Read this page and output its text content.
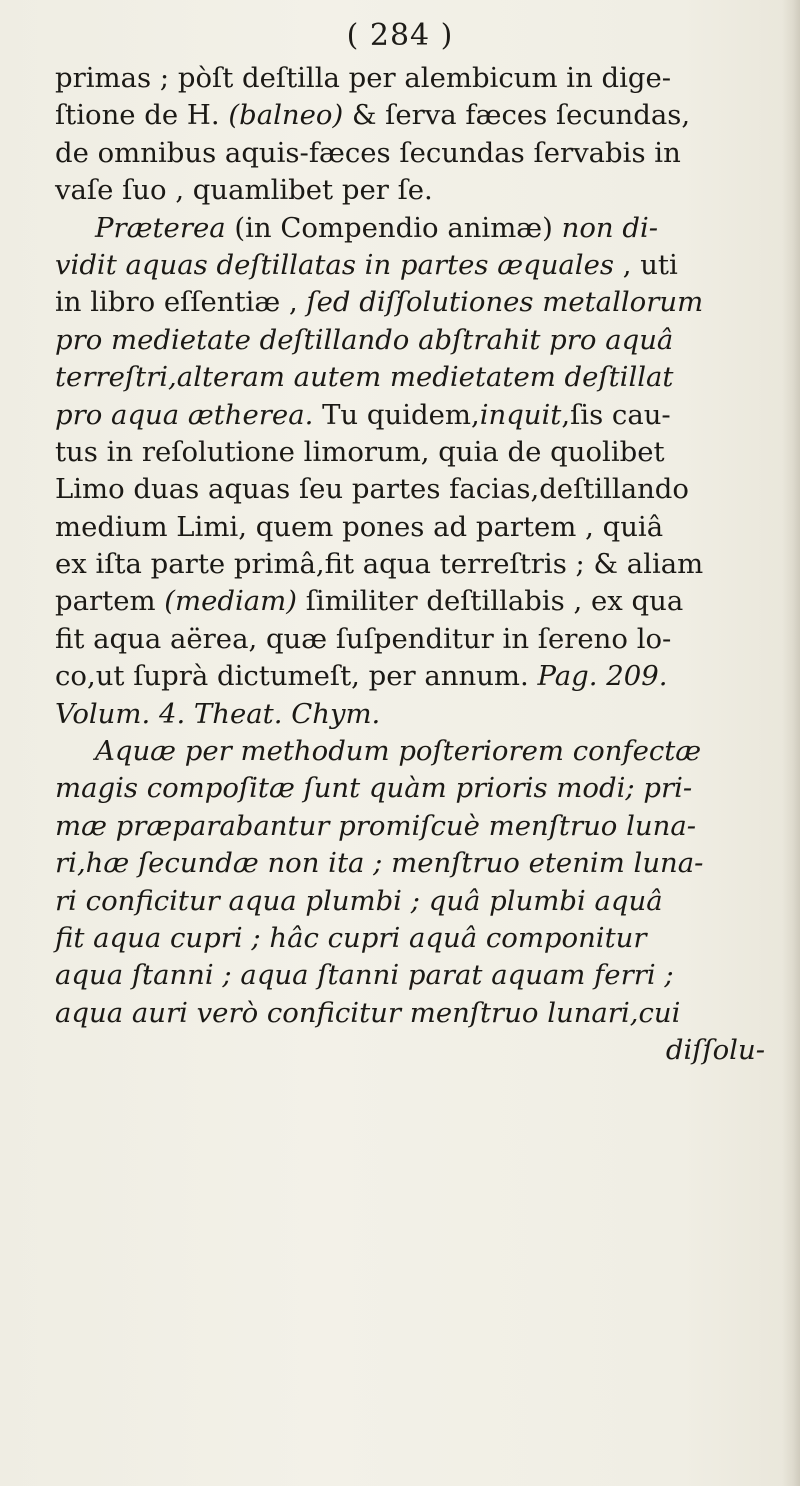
( 284 )
primas ; pòſt deſtilla per alembicum in dige‑
ſtione de H. (balneo) & ſerva fæces ſecundas,
de omnibus aquis‑fæces ſecundas ſervabis in
vaſe ſuo , quamlibet per ſe.
Præterea (in Compendio animæ) non di‑
vidit aquas deſtillatas in partes æquales , uti
in libro eſſentiæ , ſed diſſolutiones metallorum
pro medietate deſtillando abſtrahit pro aquâ
terreſtri,alteram autem medietatem deſtillat
pro aqua ætherea. Tu quidem,inquit,ſis cau‑
tus in reſolutione limorum, quia de quolibet
Limo duas aquas ſeu partes facias,deſtillando
medium Limi, quem pones ad partem , quiâ
ex iſta parte primâ,fit aqua terreſtris ; & aliam
partem (mediam) ſimiliter deſtillabis , ex qua
fit aqua aërea, quæ ſuſpenditur in ſereno lo‑
co,ut ſuprà dictumeſt, per annum. Pag. 209.
Volum. 4. Theat. Chym.
Aquæ per methodum poſteriorem confectæ
magis compoſitæ ſunt quàm prioris modi; pri‑
mæ præparabantur promiſcuè menſtruo luna‑
ri,hæ ſecundæ non ita ; menſtruo etenim luna‑
ri conficitur aqua plumbi ; quâ plumbi aquâ
fit aqua cupri ; hâc cupri aquâ componitur
aqua ſtanni ; aqua ſtanni parat aquam ferri ;
aqua auri verò conficitur menſtruo lunari,cui
diſſolu‑
